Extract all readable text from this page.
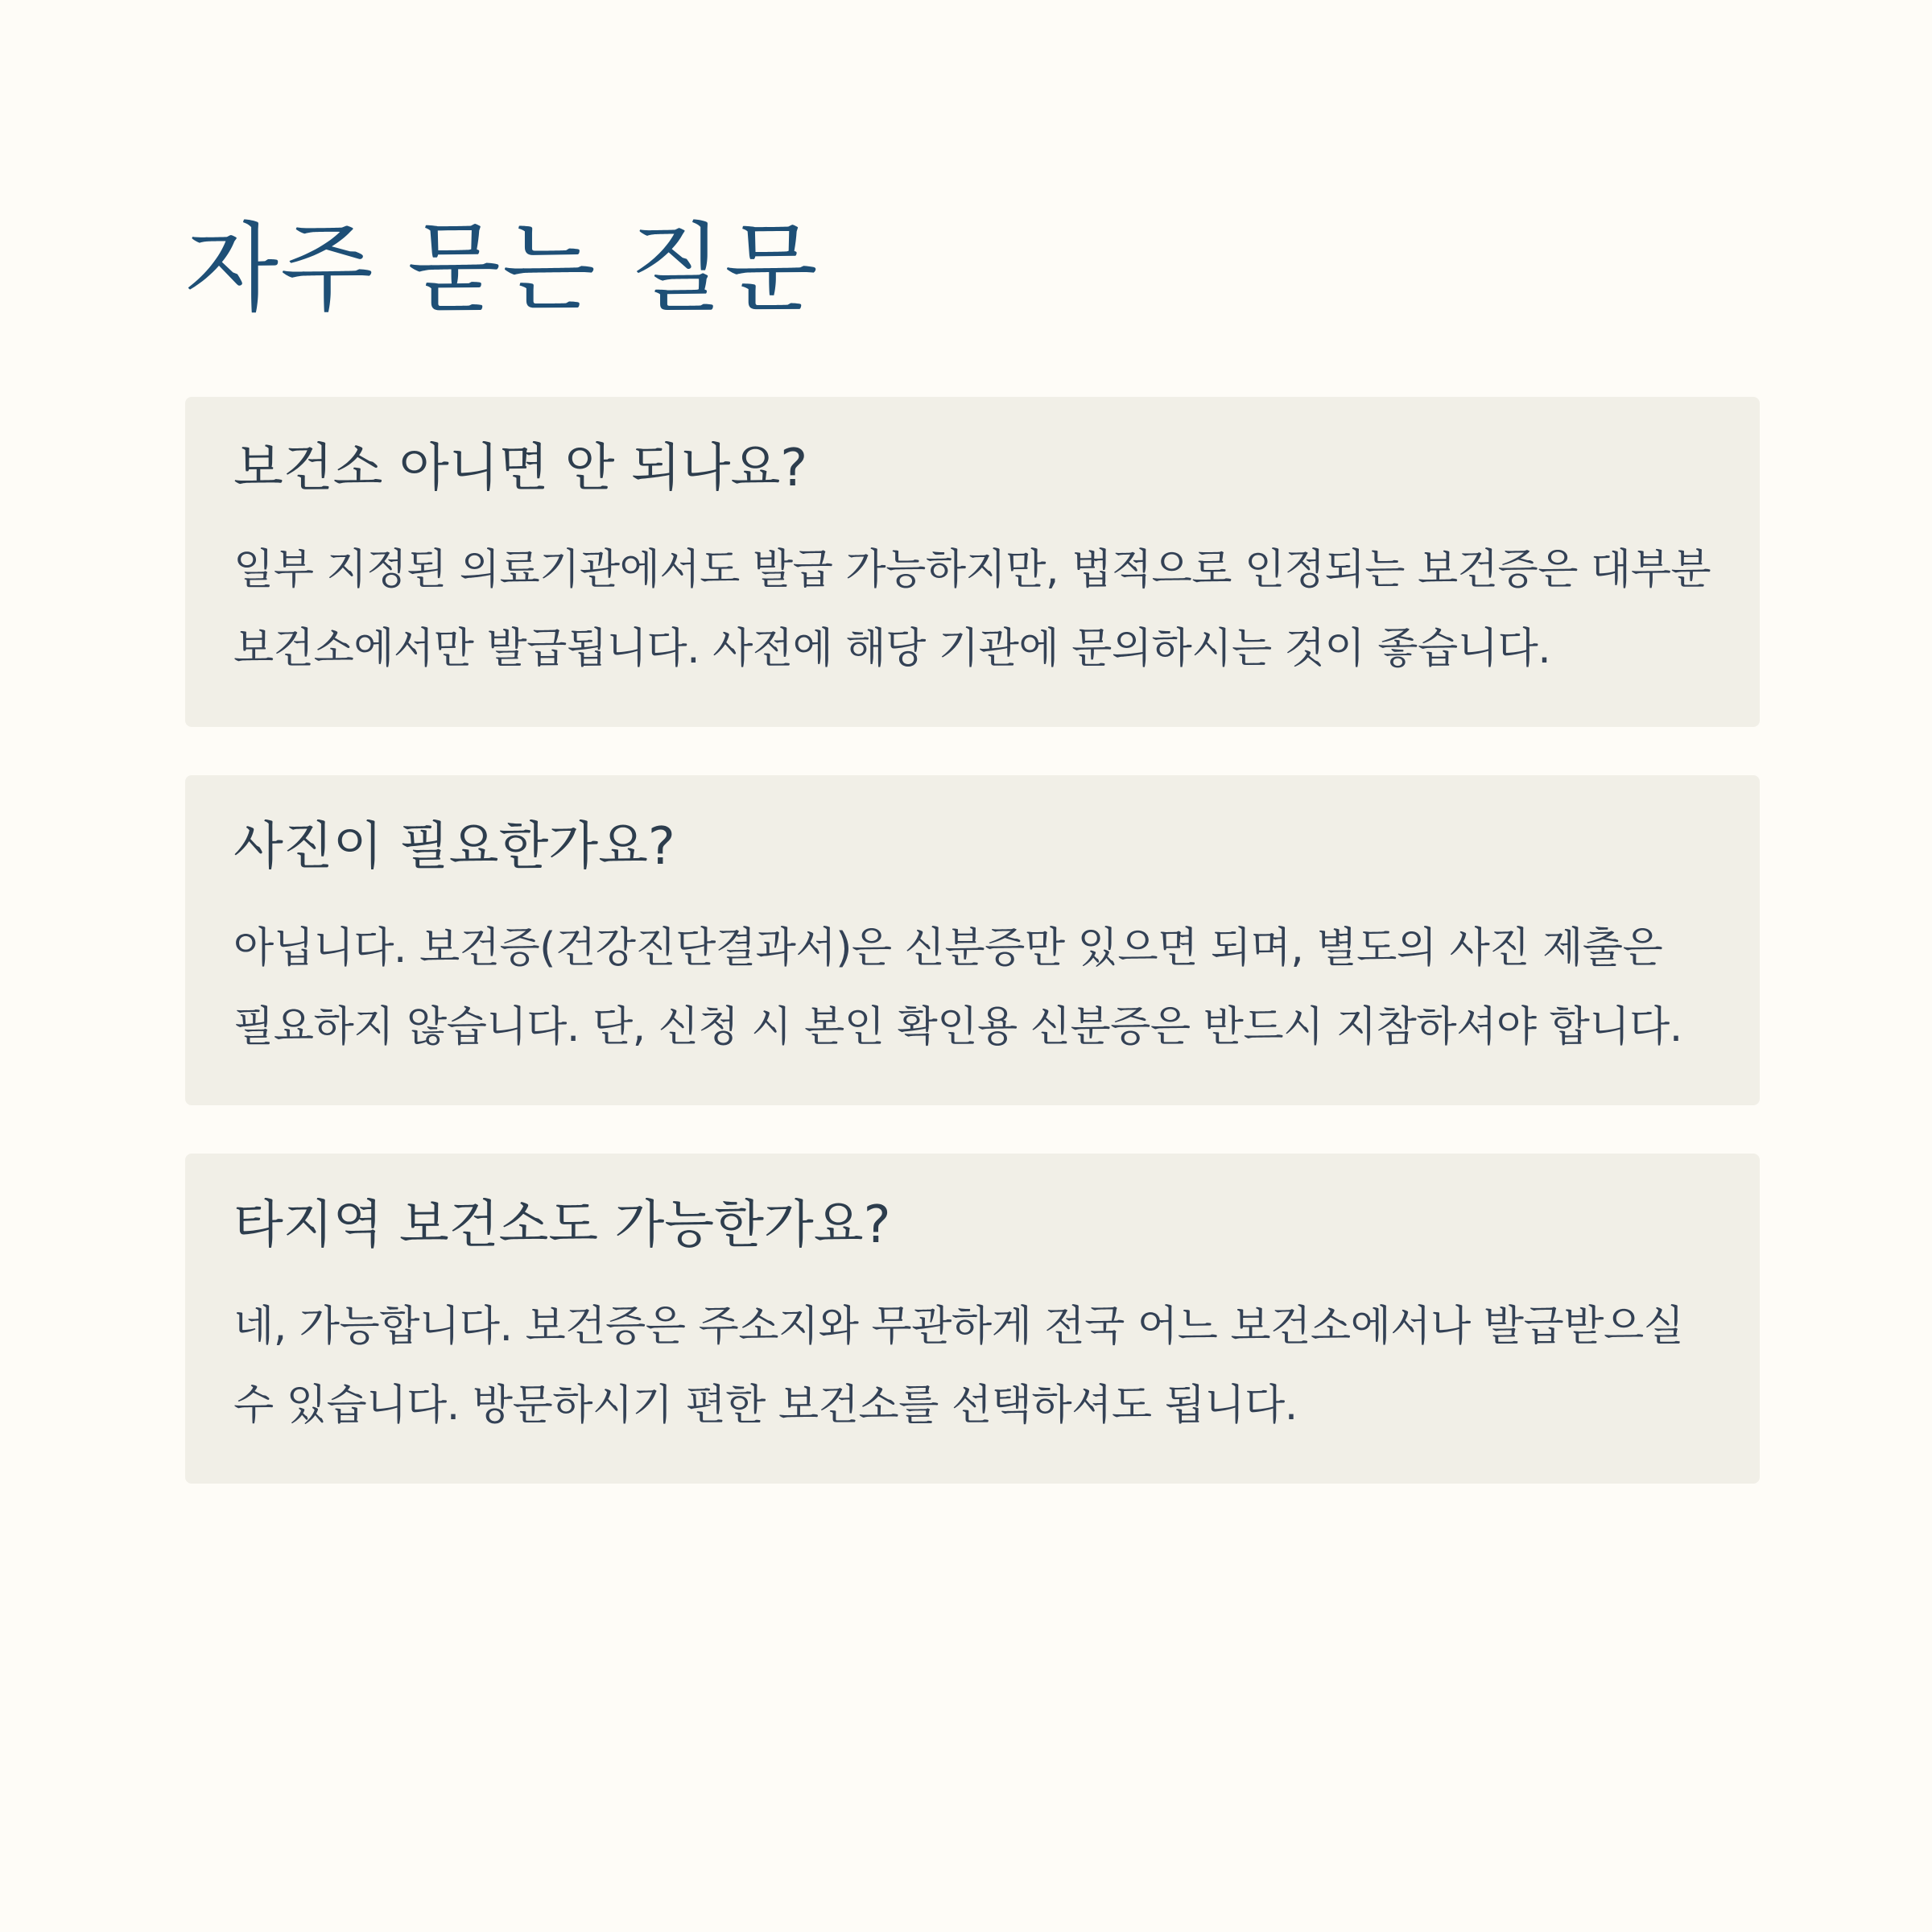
자주 묻는 질문
보건소 아니면 안 되나요?

일부 지정된 의료기관에서도 발급 가능하지만, 법적으로 인정되는 보건증은 대부분 보건소에서만 발급됩니다. 사전에 해당 기관에 문의하시는 것이 좋습니다.

사진이 필요한가요?

아닙니다. 보건증(건강진단결과서)은 신분증만 있으면 되며, 별도의 사진 제출은 필요하지 않습니다. 단, 신청 시 본인 확인용 신분증은 반드시 지참하셔야 합니다.

타지역 보건소도 가능한가요?

네, 가능합니다. 보건증은 주소지와 무관하게 전국 어느 보건소에서나 발급받으실 수 있습니다. 방문하시기 편한 보건소를 선택하셔도 됩니다.
